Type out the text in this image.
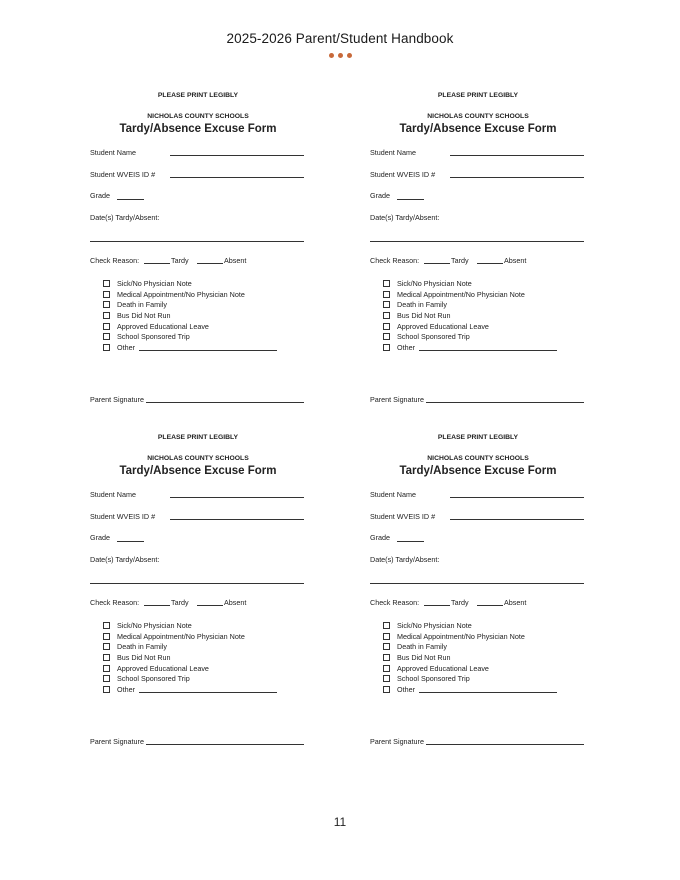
2025-2026 Parent/Student Handbook
PLEASE PRINT LEGIBLY
NICHOLAS COUNTY SCHOOLS
Tardy/Absence Excuse Form
Student Name
Student WVEIS ID #
Grade
Date(s) Tardy/Absent:
Check Reason:	Tardy	Absent
Sick/No Physician Note
Medical Appointment/No Physician Note
Death in Family
Bus Did Not Run
Approved Educational Leave
School Sponsored Trip
Other
Parent Signature
PLEASE PRINT LEGIBLY
NICHOLAS COUNTY SCHOOLS
Tardy/Absence Excuse Form
Student Name
Student WVEIS ID #
Grade
Date(s) Tardy/Absent:
Check Reason:	Tardy	Absent
Sick/No Physician Note
Medical Appointment/No Physician Note
Death in Family
Bus Did Not Run
Approved Educational Leave
School Sponsored Trip
Other
Parent Signature
PLEASE PRINT LEGIBLY
NICHOLAS COUNTY SCHOOLS
Tardy/Absence Excuse Form
Student Name
Student WVEIS ID #
Grade
Date(s) Tardy/Absent:
Check Reason:	Tardy	Absent
Sick/No Physician Note
Medical Appointment/No Physician Note
Death in Family
Bus Did Not Run
Approved Educational Leave
School Sponsored Trip
Other
Parent Signature
PLEASE PRINT LEGIBLY
NICHOLAS COUNTY SCHOOLS
Tardy/Absence Excuse Form
Student Name
Student WVEIS ID #
Grade
Date(s) Tardy/Absent:
Check Reason:	Tardy	Absent
Sick/No Physician Note
Medical Appointment/No Physician Note
Death in Family
Bus Did Not Run
Approved Educational Leave
School Sponsored Trip
Other
Parent Signature
11
